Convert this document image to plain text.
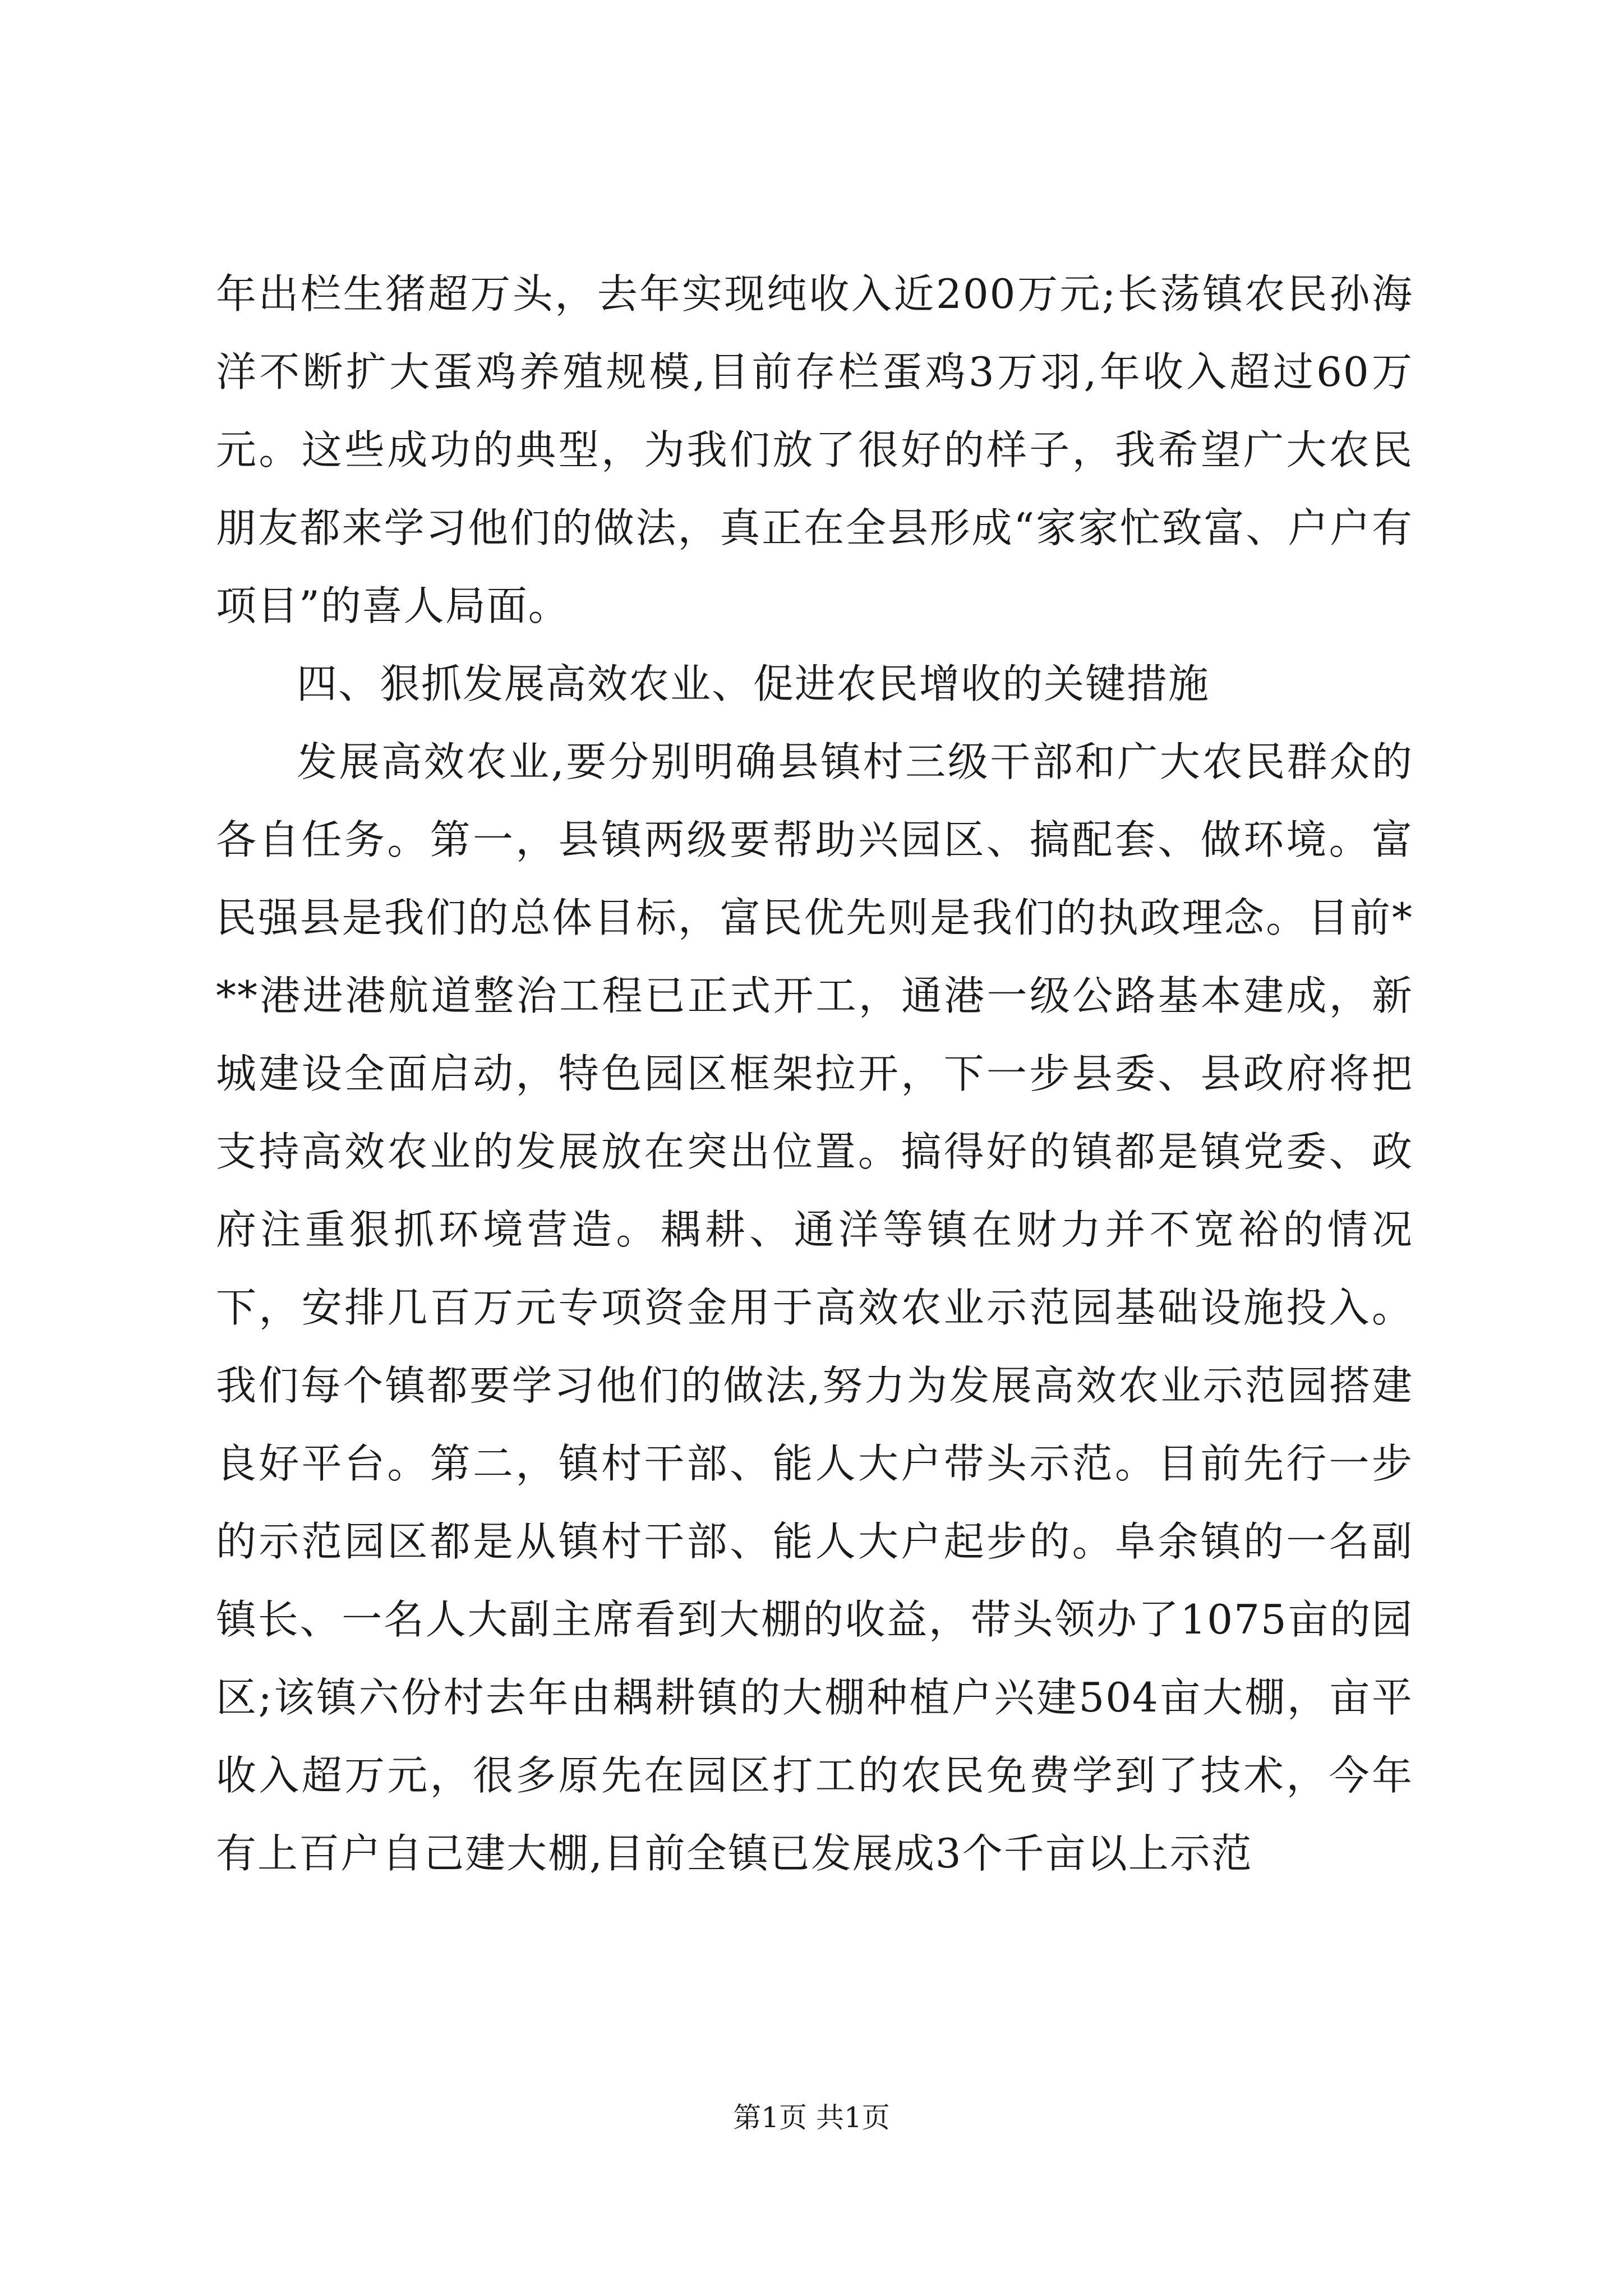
年出栏生猪超万头，去年实现纯收入近200万元;长荡镇农民孙海洋不断扩大蛋鸡养殖规模,目前存栏蛋鸡3万羽,年收入超过60万元。这些成功的典型，为我们放了很好的样子，我希望广大农民朋友都来学习他们的做法，真正在全县形成“家家忙致富、户户有项目”的喜人局面。

四、狠抓发展高效农业、促进农民增收的关键措施

发展高效农业,要分别明确县镇村三级干部和广大农民群众的各自任务。第一，县镇两级要帮助兴园区、搞配套、做环境。富民强县是我们的总体目标，富民优先则是我们的执政理念。目前***港进港航道整治工程已正式开工，通港一级公路基本建成，新城建设全面启动，特色园区框架拉开，下一步县委、县政府将把支持高效农业的发展放在突出位置。搞得好的镇都是镇党委、政府注重狠抓环境营造。耦耕、通洋等镇在财力并不宽裕的情况下，安排几百万元专项资金用于高效农业示范园基础设施投入。我们每个镇都要学习他们的做法,努力为发展高效农业示范园搭建良好平台。第二，镇村干部、能人大户带头示范。目前先行一步的示范园区都是从镇村干部、能人大户起步的。阜余镇的一名副镇长、一名人大副主席看到大棚的收益，带头领办了1075亩的园区;该镇六份村去年由耦耕镇的大棚种植户兴建504亩大棚，亩平收入超万元，很多原先在园区打工的农民免费学到了技术，今年有上百户自己建大棚,目前全镇已发展成3个千亩以上示范

第1页 共1页
